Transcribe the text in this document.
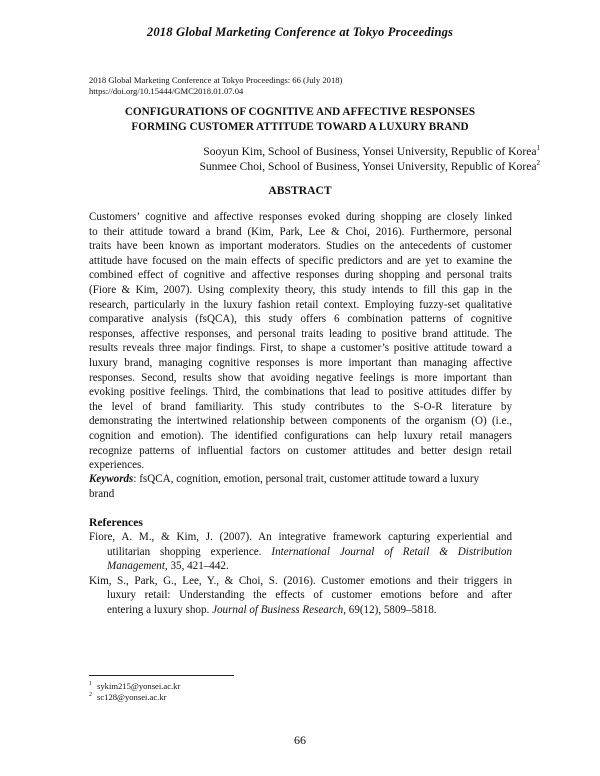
2018 Global Marketing Conference at Tokyo Proceedings
2018 Global Marketing Conference at Tokyo Proceedings: 66 (July 2018)
https://doi.org/10.15444/GMC2018.01.07.04
CONFIGURATIONS OF COGNITIVE AND AFFECTIVE RESPONSES
FORMING CUSTOMER ATTITUDE TOWARD A LUXURY BRAND
Sooyun Kim, School of Business, Yonsei University, Republic of Korea$^1$
Sunmee Choi, School of Business, Yonsei University, Republic of Korea$^2$
ABSTRACT
Customers’ cognitive and affective responses evoked during shopping are closely linked
to their attitude toward a brand (Kim, Park, Lee & Choi, 2016). Furthermore, personal
traits have been known as important moderators. Studies on the antecedents of customer
attitude have focused on the main effects of specific predictors and are yet to examine the
combined effect of cognitive and affective responses during shopping and personal traits
(Fiore & Kim, 2007). Using complexity theory, this study intends to fill this gap in the
research, particularly in the luxury fashion retail context. Employing fuzzy-set qualitative
comparative analysis (fsQCA), this study offers 6 combination patterns of cognitive
responses, affective responses, and personal traits leading to positive brand attitude. The
results reveals three major findings. First, to shape a customer’s positive attitude toward a
luxury brand, managing cognitive responses is more important than managing affective
responses. Second, results show that avoiding negative feelings is more important than
evoking positive feelings. Third, the combinations that lead to positive attitudes differ by
the level of brand familiarity. This study contributes to the S-O-R literature by
demonstrating the intertwined relationship between components of the organism (O) (i.e.,
cognition and emotion). The identified configurations can help luxury retail managers
recognize patterns of influential factors on customer attitudes and better design retail
experiences.
Keywords: fsQCA, cognition, emotion, personal trait, customer attitude toward a luxury
brand
References
Fiore, A. M., & Kim, J. (2007). An integrative framework capturing experiential and
utilitarian shopping experience. International Journal of Retail & Distribution
Management, 35, 421–442.
Kim, S., Park, G., Lee, Y., & Choi, S. (2016). Customer emotions and their triggers in
luxury retail: Understanding the effects of customer emotions before and after
entering a luxury shop. Journal of Business Research, 69(12), 5809–5818.
$^1$ sykim215@yonsei.ac.kr
$^2$ sc128@yonsei.ac.kr
66
